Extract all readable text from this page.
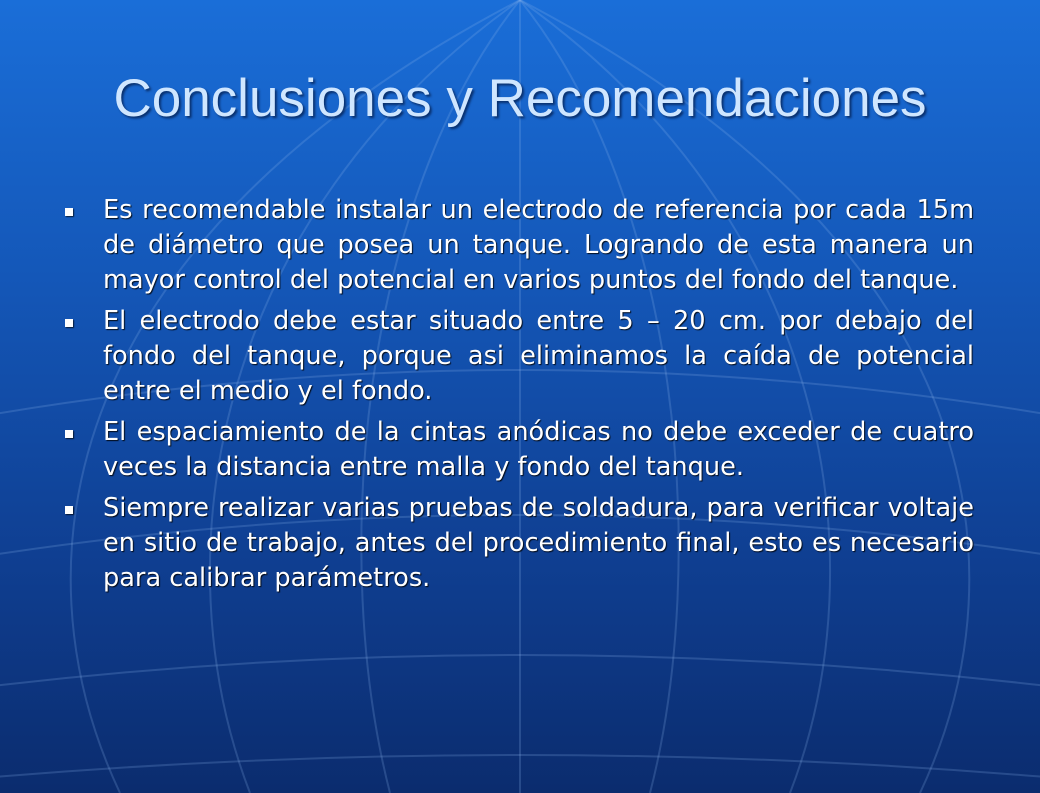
Conclusiones y Recomendaciones
Es recomendable instalar un electrodo de referencia por cada 15m de diámetro que posea un tanque. Logrando de esta manera un mayor control del potencial en varios puntos del fondo del tanque.
El electrodo debe estar situado entre 5 – 20 cm. por debajo del fondo del tanque, porque asi eliminamos la caída de potencial entre el medio y el fondo.
El espaciamiento de la cintas anódicas no debe exceder de cuatro veces la distancia entre malla y fondo del tanque.
Siempre realizar varias pruebas de soldadura, para verificar voltaje en sitio de trabajo, antes del procedimiento final, esto es necesario para calibrar parámetros.
